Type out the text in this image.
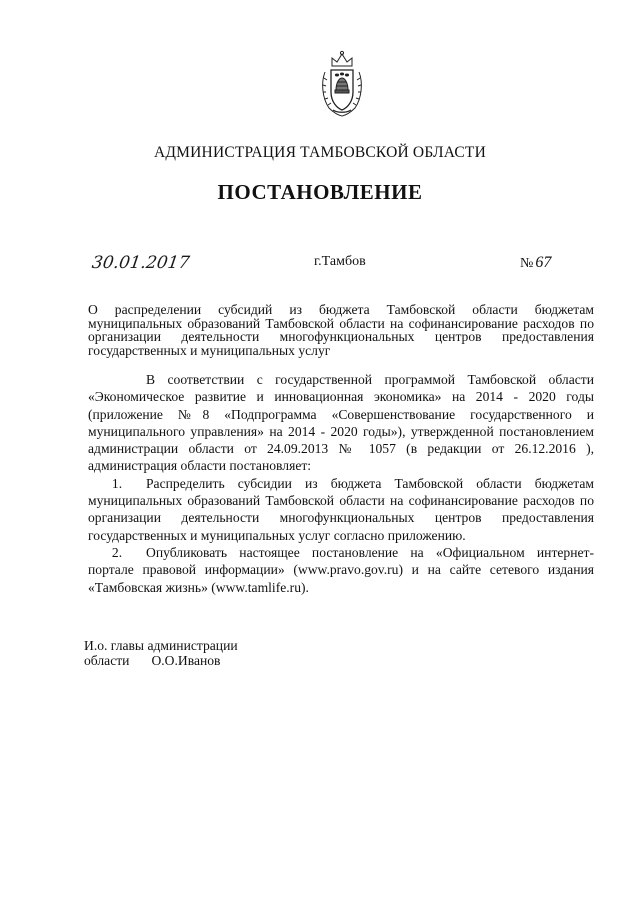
АДМИНИСТРАЦИЯ ТАМБОВСКОЙ ОБЛАСТИ
ПОСТАНОВЛЕНИЕ
30.01.2017	г.Тамбов	№ 67
О распределении субсидий из бюджета Тамбовской области бюджетам муниципальных образований Тамбовской области на софинансирование расходов по организации деятельности многофункциональных центров предоставления государственных и муниципальных услуг

В соответствии с государственной программой Тамбовской области «Экономическое развитие и инновационная экономика» на 2014 - 2020 годы (приложение №8 «Подпрограмма «Совершенствование государственного и муниципального управления» на 2014 - 2020 годы»), утвержденной постановлением администрации области от 24.09.2013 № 1057 (в редакции от 26.12.2016 ), администрация области постановляет:

1. Распределить субсидии из бюджета Тамбовской области бюджетам муниципальных образований Тамбовской области на софинансирование расходов по организации деятельности многофункциональных центров предоставления государственных и муниципальных услуг согласно приложению.

2. Опубликовать настоящее постановление на «Официальном интернет-портале правовой информации» (www.pravo.gov.ru) и на сайте сетевого издания «Тамбовская жизнь» (www.tamlife.ru).

И.о. главы администрации
области О.О.Иванов
